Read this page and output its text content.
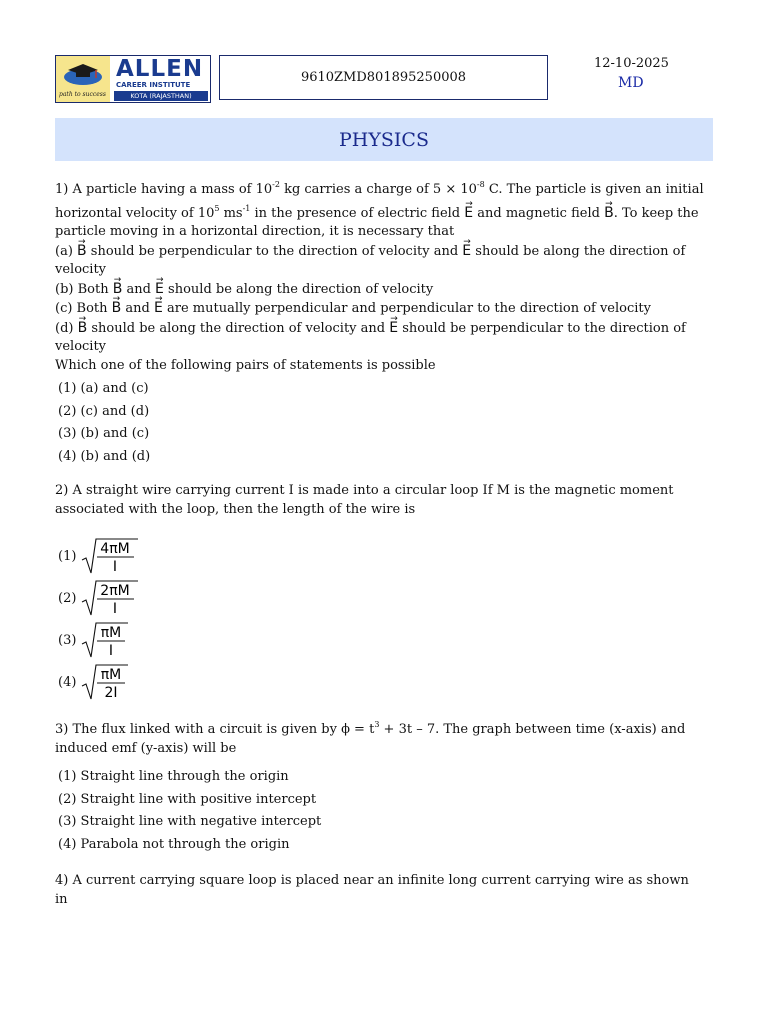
path to success
ALLEN
CAREER INSTITUTE
KOTA (RAJASTHAN)
9610ZMD801895250008
12-10-2025
MD
PHYSICS

1) A particle having a mass of $10^{-2}$ kg carries a charge of $5 \times 10^{-8}$ C. The particle is given an initial

horizontal velocity of $10^5$ $ms^{-1}$ in the presence of electric field → E and magnetic field → B. To keep the

particle moving in a horizontal direction, it is necessary that

(a) → B should be perpendicular to the direction of velocity and → E should be along the direction of

velocity

(b) Both → B and → E should be along the direction of velocity

(c) Both → B and → E are mutually perpendicular and perpendicular to the direction of velocity

(d) → B should be along the direction of velocity and → E should be perpendicular to the direction of

velocity

Which one of the following pairs of statements is possible

(1) (a) and (c)
(2) (c) and (d)
(3) (b) and (c)
(4) (b) and (d)
2) A straight wire carrying current I is made into a circular loop If M is the magnetic moment associated with the loop, then the length of the wire is
(1) 4πM
I
(2) 2πM
I
(3) πM
I
(4) πM
2I

3) The flux linked with a circuit is given by $\phi = t^3 + 3t - 7$. The graph between time (x-axis) and induced emf (y-axis) will be

(1) Straight line through the origin
(2) Straight line with positive intercept
(3) Straight line with negative intercept
(4) Parabola not through the origin
4) A current carrying square loop is placed near an infinite long current carrying wire as shown in
